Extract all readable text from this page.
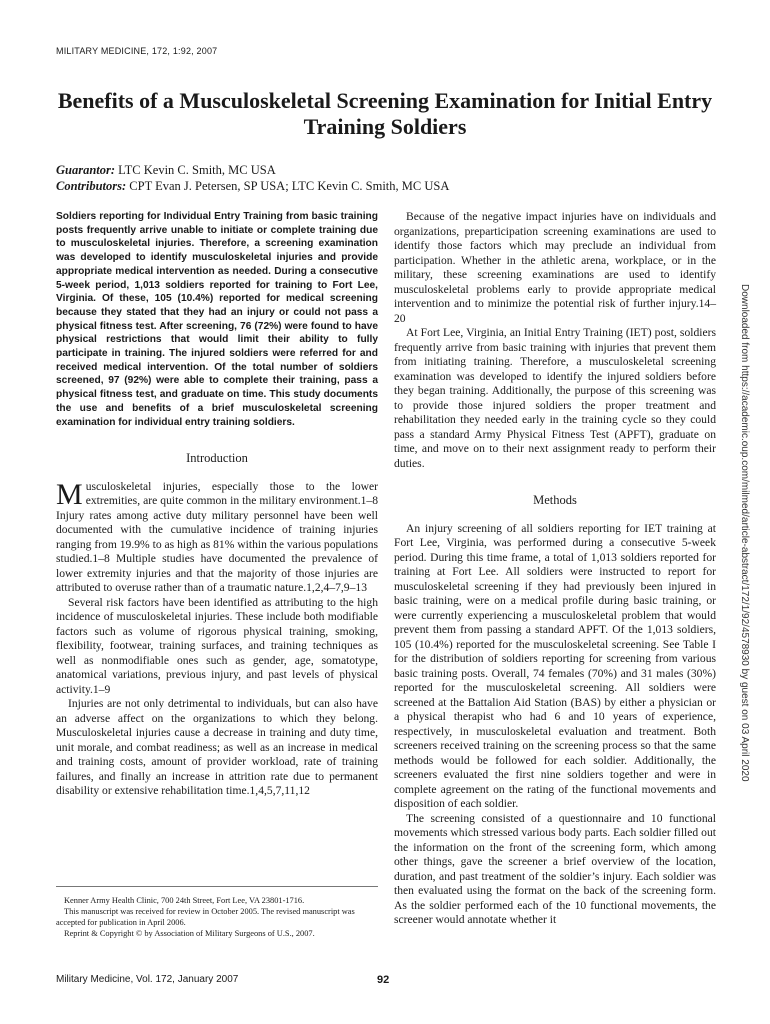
MILITARY MEDICINE, 172, 1:92, 2007
Benefits of a Musculoskeletal Screening Examination for Initial Entry Training Soldiers
Guarantor: LTC Kevin C. Smith, MC USA
Contributors: CPT Evan J. Petersen, SP USA; LTC Kevin C. Smith, MC USA

Soldiers reporting for Individual Entry Training from basic training posts frequently arrive unable to initiate or complete training due to musculoskeletal injuries. Therefore, a screening examination was developed to identify musculoskeletal injuries and provide appropriate medical intervention as needed. During a consecutive 5-week period, 1,013 soldiers reported for training to Fort Lee, Virginia. Of these, 105 (10.4%) reported for medical screening because they stated that they had an injury or could not pass a physical fitness test. After screening, 76 (72%) were found to have physical restrictions that would limit their ability to fully participate in training. The injured soldiers were referred for and received medical intervention. Of the total number of soldiers screened, 97 (92%) were able to complete their training, pass a physical fitness test, and graduate on time. This study documents the use and benefits of a brief musculoskeletal screening examination for individual entry training soldiers.

Introduction

Musculoskeletal injuries, especially those to the lower extremities, are quite common in the military environment.1–8 Injury rates among active duty military personnel have been well documented with the cumulative incidence of training injuries ranging from 19.9% to as high as 81% within the various populations studied.1–8 Multiple studies have documented the prevalence of lower extremity injuries and that the majority of those injuries are attributed to overuse rather than of a traumatic nature.1,2,4–7,9–13

Several risk factors have been identified as attributing to the high incidence of musculoskeletal injuries. These include both modifiable factors such as volume of rigorous physical training, smoking, flexibility, footwear, training surfaces, and training techniques as well as nonmodifiable ones such as gender, age, somatotype, anatomical variations, previous injury, and past levels of physical activity.1–9

Injuries are not only detrimental to individuals, but can also have an adverse affect on the organizations to which they belong. Musculoskeletal injuries cause a decrease in training and duty time, unit morale, and combat readiness; as well as an increase in medical and training costs, amount of provider workload, rate of training failures, and finally an increase in attrition rate due to permanent disability or extensive rehabilitation time.1,4,5,7,11,12

Because of the negative impact injuries have on individuals and organizations, preparticipation screening examinations are used to identify those factors which may preclude an individual from participation. Whether in the athletic arena, workplace, or in the military, these screening examinations are used to identify musculoskeletal problems early to provide appropriate medical intervention and to minimize the potential risk of further injury.14–20

At Fort Lee, Virginia, an Initial Entry Training (IET) post, soldiers frequently arrive from basic training with injuries that prevent them from initiating training. Therefore, a musculoskeletal screening examination was developed to identify the injured soldiers before they began training. Additionally, the purpose of this screening was to provide those injured soldiers the proper treatment and rehabilitation they needed early in the training cycle so they could pass a standard Army Physical Fitness Test (APFT), graduate on time, and move on to their next assignment ready to perform their duties.

Methods

An injury screening of all soldiers reporting for IET training at Fort Lee, Virginia, was performed during a consecutive 5-week period. During this time frame, a total of 1,013 soldiers reported for training at Fort Lee. All soldiers were instructed to report for musculoskeletal screening if they had previously been injured in basic training, were on a medical profile during basic training, or were currently experiencing a musculoskeletal problem that would prevent them from passing a standard APFT. Of the 1,013 soldiers, 105 (10.4%) reported for the musculoskeletal screening. See Table I for the distribution of soldiers reporting for screening from various basic training posts. Overall, 74 females (70%) and 31 males (30%) reported for the musculoskeletal screening. All soldiers were screened at the Battalion Aid Station (BAS) by either a physician or a physical therapist who had 6 and 10 years of experience, respectively, in musculoskeletal evaluation and treatment. Both screeners received training on the screening process so that the same methods would be followed for each soldier. Additionally, the screeners evaluated the first nine soldiers together and were in complete agreement on the rating of the functional movements and disposition of each soldier.

The screening consisted of a questionnaire and 10 functional movements which stressed various body parts. Each soldier filled out the information on the front of the screening form, which among other things, gave the screener a brief overview of the location, duration, and past treatment of the soldier’s injury. Each soldier was then evaluated using the format on the back of the screening form. As the soldier performed each of the 10 functional movements, the screener would annotate whether it

Kenner Army Health Clinic, 700 24th Street, Fort Lee, VA 23801-1716.

This manuscript was received for review in October 2005. The revised manuscript was accepted for publication in April 2006.

Reprint & Copyright © by Association of Military Surgeons of U.S., 2007.

Military Medicine, Vol. 172, January 2007	92
Downloaded from https://academic.oup.com/milmed/article-abstract/172/1/92/4578930 by guest on 03 April 2020
